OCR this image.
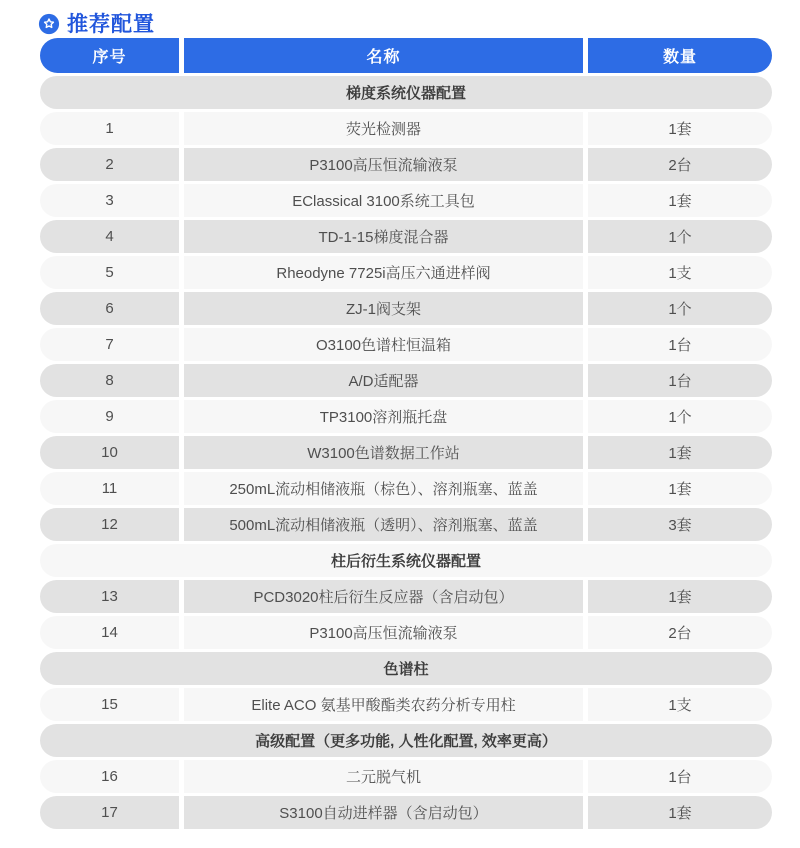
推荐配置
序号	名称	数量
梯度系统仪器配置
1	荧光检测器	1套
2	P3100高压恒流输液泵	2台
3	EClassical 3100系统工具包	1套
4	TD-1-15梯度混合器	1个
5	Rheodyne 7725i高压六通进样阀	1支
6	ZJ-1阀支架	1个
7	O3100色谱柱恒温箱	1台
8	A/D适配器	1台
9	TP3100溶剂瓶托盘	1个
10	W3100色谱数据工作站	1套
11	250mL流动相储液瓶（棕色）、溶剂瓶塞、蓝盖	1套
12	500mL流动相储液瓶（透明）、溶剂瓶塞、蓝盖	3套
柱后衍生系统仪器配置
13	PCD3020柱后衍生反应器（含启动包）	1套
14	P3100高压恒流输液泵	2台
色谱柱
15	Elite ACO 氨基甲酸酯类农药分析专用柱	1支
高级配置（更多功能, 人性化配置, 效率更高）
16	二元脱气机	1台
17	S3100自动进样器（含启动包）	1套
